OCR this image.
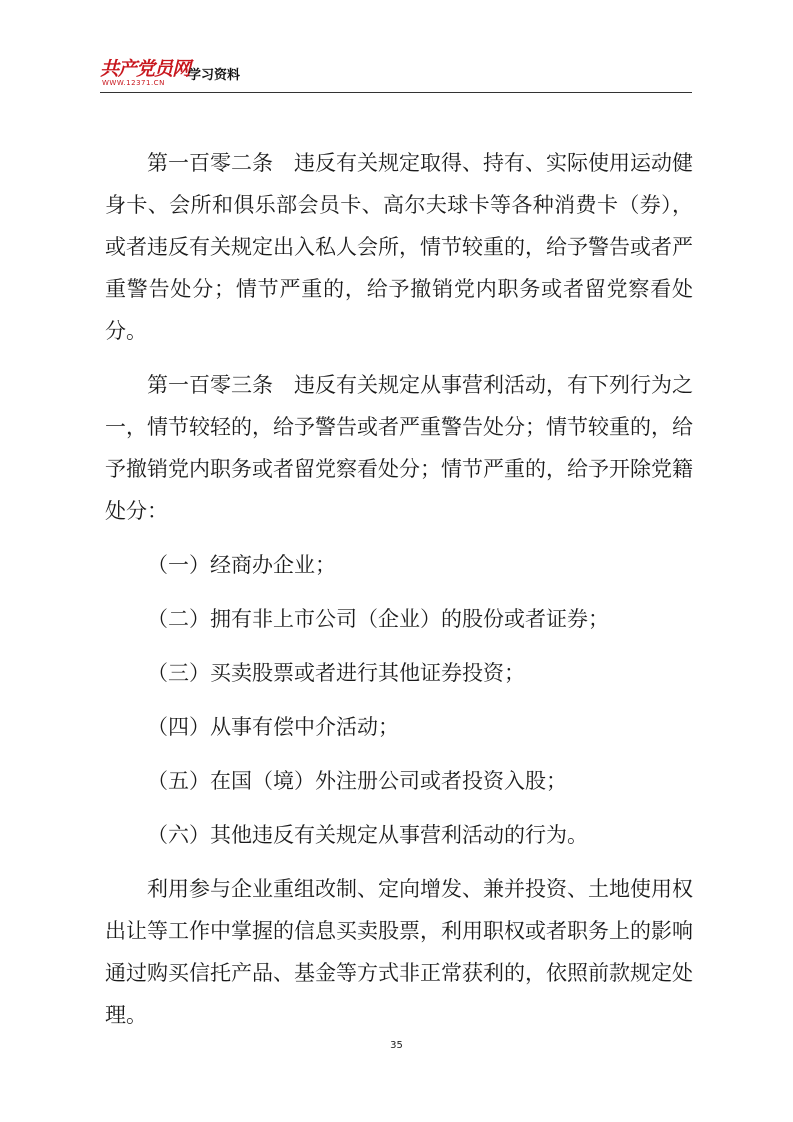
共产党员网
WWW.12371.CN 学习资料

第一百零二条　违反有关规定取得、持有、实际使用运动健身卡、会所和俱乐部会员卡、高尔夫球卡等各种消费卡（券），或者违反有关规定出入私人会所，情节较重的，给予警告或者严重警告处分；情节严重的，给予撤销党内职务或者留党察看处分。

第一百零三条　违反有关规定从事营利活动，有下列行为之一，情节较轻的，给予警告或者严重警告处分；情节较重的，给予撤销党内职务或者留党察看处分；情节严重的，给予开除党籍处分：

（一）经商办企业；

（二）拥有非上市公司（企业）的股份或者证券；

（三）买卖股票或者进行其他证券投资；

（四）从事有偿中介活动；

（五）在国（境）外注册公司或者投资入股；

（六）其他违反有关规定从事营利活动的行为。

利用参与企业重组改制、定向增发、兼并投资、土地使用权出让等工作中掌握的信息买卖股票，利用职权或者职务上的影响通过购买信托产品、基金等方式非正常获利的，依照前款规定处理。

35
